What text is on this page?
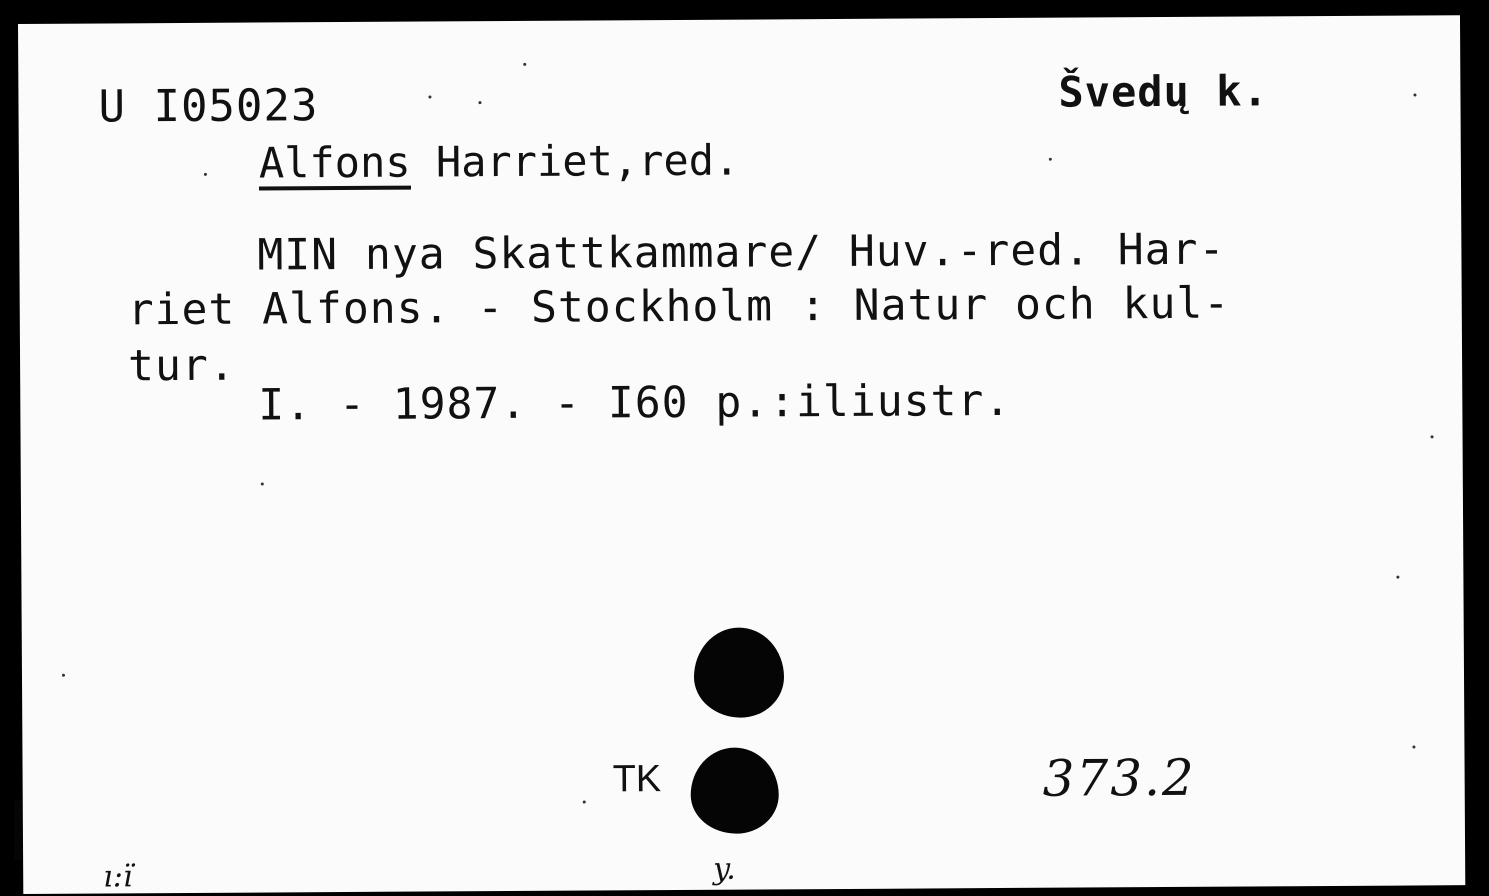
U I05023	Švedų k.
Alfons Harriet,red.
MIN nya Skattkammare/ Huv.-red. Har-
riet Alfons. - Stockholm : Natur och kul-
tur.
I. - 1987. - I60 p.:iliustr.
TK	373.2
ı:ı̈	y.
